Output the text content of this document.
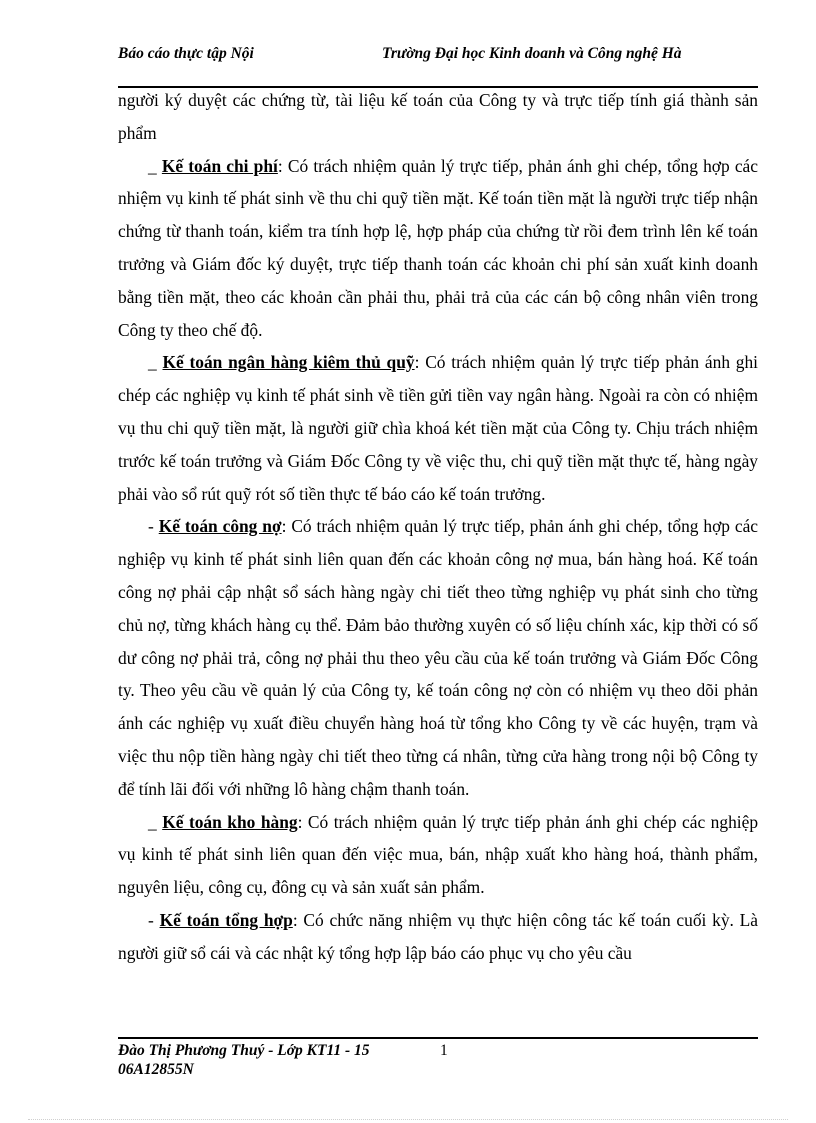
Báo cáo thực tập Nội	Trường Đại học Kinh doanh và Công nghệ Hà

người ký duyệt các chứng từ, tài liệu kế toán của Công ty và trực tiếp tính giá thành sản phẩm

_ Kế toán chi phí: Có trách nhiệm quản lý trực tiếp, phản ánh ghi chép, tổng hợp các nhiệm vụ kinh tế phát sinh về thu chi quỹ tiền mặt. Kế toán tiền mặt là người trực tiếp nhận chứng từ thanh toán, kiểm tra tính hợp lệ, hợp pháp của chứng từ rồi đem trình lên kế toán trưởng và Giám đốc ký duyệt, trực tiếp thanh toán các khoản chi phí sản xuất kinh doanh bằng tiền mặt, theo các khoản cần phải thu, phải trả của các cán bộ công nhân viên trong Công ty theo chế độ.

_ Kế toán ngân hàng kiêm thủ quỹ: Có trách nhiệm quản lý trực tiếp phản ánh ghi chép các nghiệp vụ kinh tế phát sinh về tiền gửi tiền vay ngân hàng. Ngoài ra còn có nhiệm vụ thu chi quỹ tiền mặt, là người giữ chìa khoá két tiền mặt của Công ty. Chịu trách nhiệm trước kế toán trưởng và Giám Đốc Công ty về việc thu, chi quỹ tiền mặt thực tế, hàng ngày phải vào sổ rút quỹ rót số tiền thực tế báo cáo kế toán trưởng.

- Kế toán công nợ: Có trách nhiệm quản lý trực tiếp, phản ánh ghi chép, tổng hợp các nghiệp vụ kinh tế phát sinh liên quan đến các khoản công nợ mua, bán hàng hoá. Kế toán công nợ phải cập nhật sổ sách hàng ngày chi tiết theo từng nghiệp vụ phát sinh cho từng chủ nợ, từng khách hàng cụ thể. Đảm bảo thường xuyên có số liệu chính xác, kịp thời có số dư công nợ phải trả, công nợ phải thu theo yêu cầu của kế toán trưởng và Giám Đốc Công ty. Theo yêu cầu về quản lý của Công ty, kế toán công nợ còn có nhiệm vụ theo dõi phản ánh các nghiệp vụ xuất điều chuyển hàng hoá từ tổng kho Công ty về các huyện, trạm và việc thu nộp tiền hàng ngày chi tiết theo từng cá nhân, từng cửa hàng trong nội bộ Công ty để tính lãi đối với những lô hàng chậm thanh toán.

_ Kế toán kho hàng: Có trách nhiệm quản lý trực tiếp phản ánh ghi chép các nghiệp vụ kinh tế phát sinh liên quan đến việc mua, bán, nhập xuất kho hàng hoá, thành phẩm, nguyên liệu, công cụ, đông cụ và sản xuất sản phẩm.

- Kế toán tổng hợp: Có chức năng nhiệm vụ thực hiện công tác kế toán cuối kỳ. Là người giữ sổ cái và các nhật ký tổng hợp lập báo cáo phục vụ cho yêu cầu

Đào Thị Phương Thuý - Lớp KT11 - 15 06A12855N
1
